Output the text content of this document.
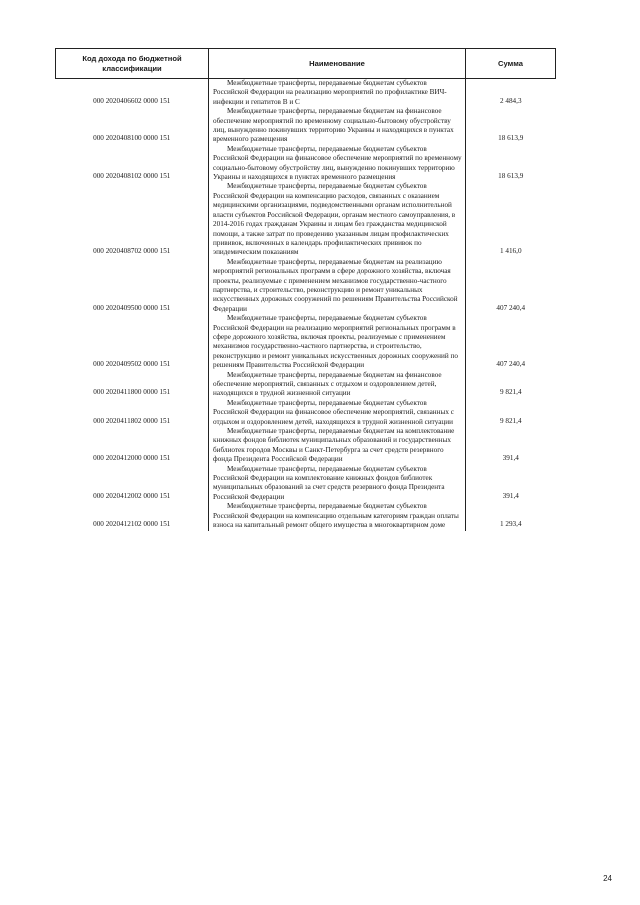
Код дохода по бюджетной классификации	Наименование	Сумма
000 2020406602 0000 151	Межбюджетные трансферты, передаваемые бюджетам субъектов Российской Федерации на реализацию мероприятий по профилактике ВИЧ-инфекции и гепатитов В и С	2 484,3
000 2020408100 0000 151	Межбюджетные трансферты, передаваемые бюджетам на финансовое обеспечение мероприятий по временному социально-бытовому обустройству лиц, вынужденно покинувших территорию Украины и находящихся в пунктах временного размещения	18 613,9
000 2020408102 0000 151	Межбюджетные трансферты, передаваемые бюджетам субъектов Российской Федерации на финансовое обеспечение мероприятий по временному социально-бытовому обустройству лиц, вынужденно покинувших территорию Украины и находящихся в пунктах временного размещения	18 613,9
000 2020408702 0000 151	Межбюджетные трансферты, передаваемые бюджетам субъектов Российской Федерации на компенсацию расходов, связанных с оказанием медицинскими организациями, подведомственными органам исполнительной власти субъектов Российской Федерации, органам местного самоуправления, в 2014-2016 годах гражданам Украины и лицам без гражданства медицинской помощи, а также затрат по проведению указанным лицам профилактических прививок, включенных в календарь профилактических прививок по эпидемическим показаниям	1 416,0
000 2020409500 0000 151	Межбюджетные трансферты, передаваемые бюджетам на реализацию мероприятий региональных программ в сфере дорожного хозяйства, включая проекты, реализуемые с применением механизмов государственно-частного партнерства, и строительство, реконструкцию и ремонт уникальных искусственных дорожных сооружений по решениям Правительства Российской Федерации	407 240,4
000 2020409502 0000 151	Межбюджетные трансферты, передаваемые бюджетам субъектов Российской Федерации на реализацию мероприятий региональных программ в сфере дорожного хозяйства, включая проекты, реализуемые с применением механизмов государственно-частного партнерства, и строительство, реконструкцию и ремонт уникальных искусственных дорожных сооружений по решениям Правительства Российской Федерации	407 240,4
000 2020411800 0000 151	Межбюджетные трансферты, передаваемые бюджетам на финансовое обеспечение мероприятий, связанных с отдыхом и оздоровлением детей, находящихся в трудной жизненной ситуации	9 821,4
000 2020411802 0000 151	Межбюджетные трансферты, передаваемые бюджетам субъектов Российской Федерации на финансовое обеспечение мероприятий, связанных с отдыхом и оздоровлением детей, находящихся в трудной жизненной ситуации	9 821,4
000 2020412000 0000 151	Межбюджетные трансферты, передаваемые бюджетам на комплектование книжных фондов библиотек муниципальных образований и государственных библиотек городов Москвы и Санкт-Петербурга за счет средств резервного фонда Президента Российской Федерации	391,4
000 2020412002 0000 151	Межбюджетные трансферты, передаваемые бюджетам субъектов Российской Федерации на комплектование книжных фондов библиотек муниципальных образований за счет средств резервного фонда Президента Российской Федерации	391,4
000 2020412102 0000 151	Межбюджетные трансферты, передаваемые бюджетам субъектов Российской Федерации на компенсацию отдельным категориям граждан оплаты взноса на капитальный ремонт общего имущества в многоквартирном доме	1 293,4
24
